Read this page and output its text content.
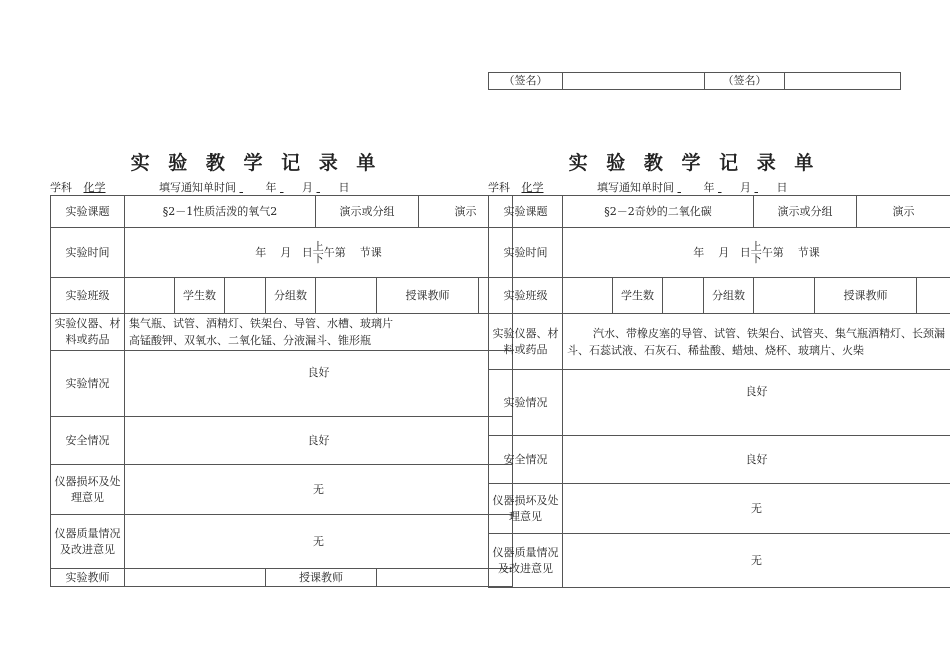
（签名）		（签名）	
实 验 教 学 记 录 单
学科 化学	填写通知单时间	年 月 日
实验课题	§2－1性质活泼的氧气2				演示或分组		演示	
实验时间	年 月 日 上
下 午第 节课							
实验班级		学生数		分组数		授课教师		
实验仪器、材料或药品	集气瓶、试管、酒精灯、铁架台、导管、水槽、玻璃片
高锰酸钾、双氧水、二氧化锰、分液漏斗、锥形瓶							

实验情况	良好							
安全情况	良好							
仪器损坏及处理意见	无							
仪器质量情况及改进意见	无							
实验教师				授课教师				
实 验 教 学 记 录 单
学科 化学	填写通知单时间	年 月 日
实验课题	§2－2奇妙的二氧化碳				演示或分组		演示	
实验时间	年 月 日 上
下 午第 节课							
实验班级		学生数		分组数		授课教师		
实验仪器、材料或药品	汽水、带橡皮塞的导管、试管、铁架台、试管夹、集气瓶酒精灯、长颈漏斗、石蕊试液、石灰石、稀盐酸、蜡烛、烧杯、玻璃片、火柴							
实验情况	良好							
安全情况	良好							
仪器损坏及处理意见	无							
仪器质量情况及改进意见	无							
